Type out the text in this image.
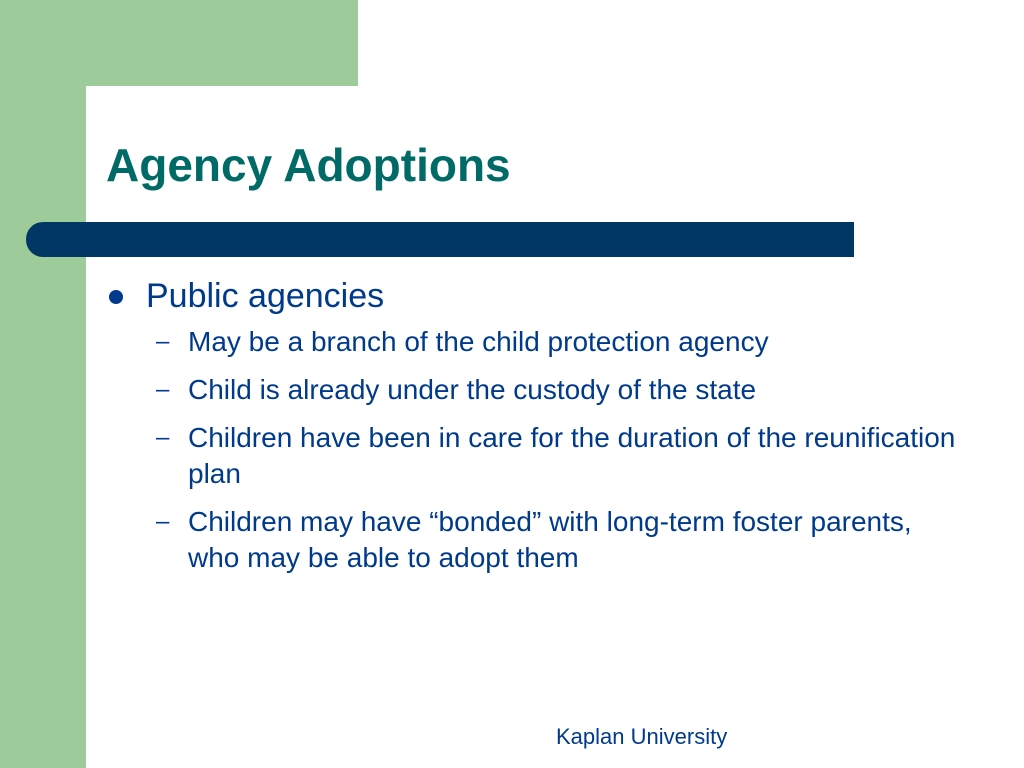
Agency Adoptions
Public agencies
– May be a branch of the child protection agency
– Child is already under the custody of the state
– Children have been in care for the duration of the reunification plan
– Children may have “bonded” with long-term foster parents, who may be able to adopt them
Kaplan University
